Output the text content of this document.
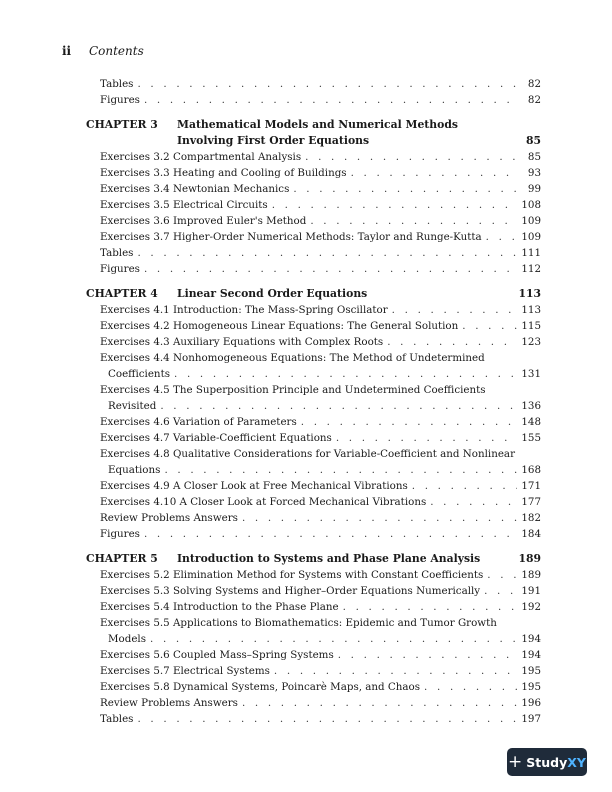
ii Contents
Tables . . .	82
Figures . . .	82
CHAPTER 3	Mathematical Models and Numerical Methods
Involving First Order Equations	85
Exercises 3.2 Compartmental Analysis . . .	85
Exercises 3.3 Heating and Cooling of Buildings . . .	93
Exercises 3.4 Newtonian Mechanics . . .	99
Exercises 3.5 Electrical Circuits . . .	108
Exercises 3.6 Improved Euler's Method . . .	109
Exercises 3.7 Higher-Order Numerical Methods: Taylor and Runge-Kutta . . .	109
Tables . . .	111
Figures . . .	112
CHAPTER 4	Linear Second Order Equations	113
Exercises 4.1 Introduction: The Mass-Spring Oscillator . . .	113
Exercises 4.2 Homogeneous Linear Equations: The General Solution . . .	115
Exercises 4.3 Auxiliary Equations with Complex Roots . . .	123
Exercises 4.4 Nonhomogeneous Equations: The Method of Undetermined
Coefficients . . .	131
Exercises 4.5 The Superposition Principle and Undetermined Coefficients
Revisited . . .	136
Exercises 4.6 Variation of Parameters . . .	148
Exercises 4.7 Variable-Coefficient Equations . . .	155
Exercises 4.8 Qualitative Considerations for Variable-Coefficient and Nonlinear
Equations . . .	168
Exercises 4.9 A Closer Look at Free Mechanical Vibrations . . .	171
Exercises 4.10 A Closer Look at Forced Mechanical Vibrations . . .	177
Review Problems Answers . . .	182
Figures . . .	184
CHAPTER 5	Introduction to Systems and Phase Plane Analysis	189
Exercises 5.2 Elimination Method for Systems with Constant Coefficients . . .	189
Exercises 5.3 Solving Systems and Higher–Order Equations Numerically . . .	191
Exercises 5.4 Introduction to the Phase Plane . . .	192
Exercises 5.5 Applications to Biomathematics: Epidemic and Tumor Growth
Models . . .	194
Exercises 5.6 Coupled Mass–Spring Systems . . .	194
Exercises 5.7 Electrical Systems . . .	195
Exercises 5.8 Dynamical Systems, Poincarè Maps, and Chaos . . .	195
Review Problems Answers . . .	196
Tables . . .	197
+ Study XY
